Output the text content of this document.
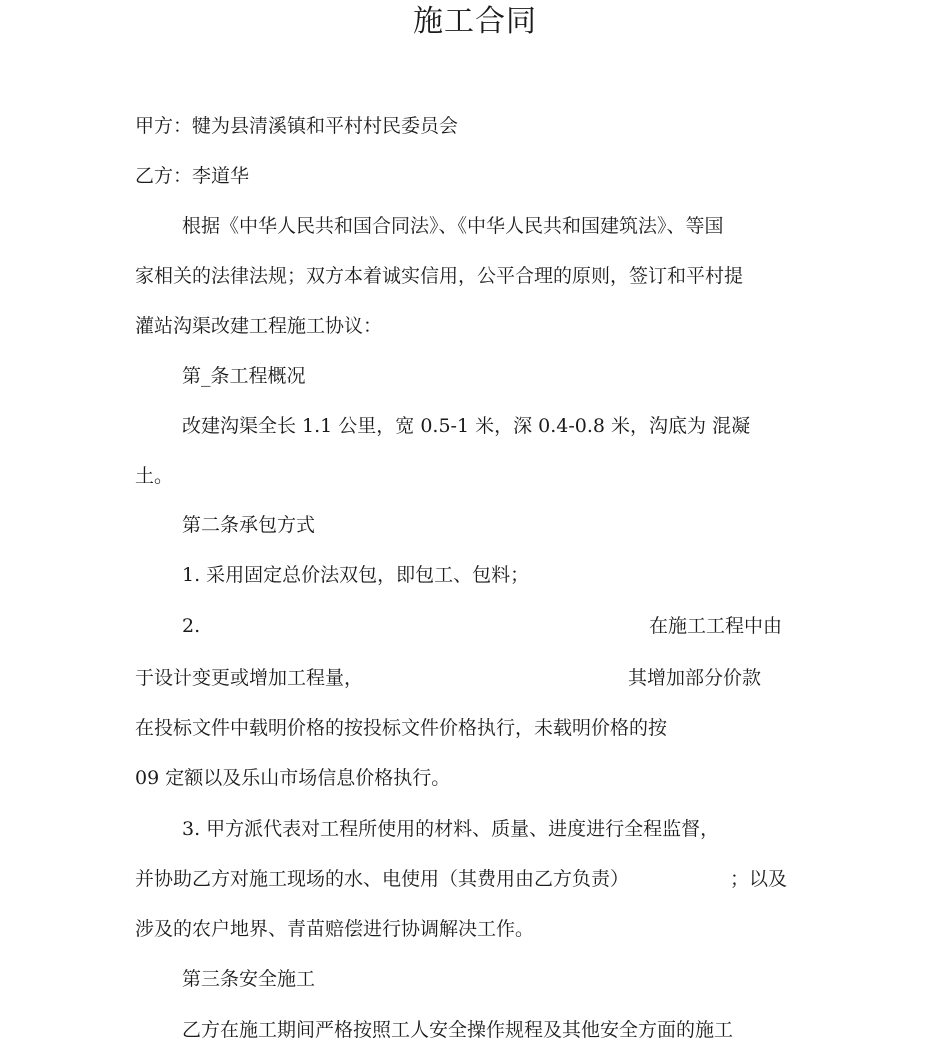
施工合同
甲方：犍为县清溪镇和平村村民委员会
乙方：李道华
根据《中华人民共和国合同法》、《中华人民共和国建筑法》、等国
家相关的法律法规；双方本着诚实信用，公平合理的原则，签订和平村提
灌站沟渠改建工程施工协议：
第_条工程概况
改建沟渠全长 1.1 公里，宽 0.5-1 米，深 0.4-0.8 米，沟底为 混凝
土。
第二条承包方式
1. 采用固定总价法双包，即包工、包料；
2.	在施工工程中由
于设计变更或增加工程量，	其增加部分价款
在投标文件中载明价格的按投标文件价格执行，未载明价格的按
09 定额以及乐山市场信息价格执行。
3. 甲方派代表对工程所使用的材料、质量、进度进行全程监督，
并协助乙方对施工现场的水、电使用（其费用由乙方负责）	；以及
涉及的农户地界、青苗赔偿进行协调解决工作。
第三条安全施工
乙方在施工期间严格按照工人安全操作规程及其他安全方面的施工
